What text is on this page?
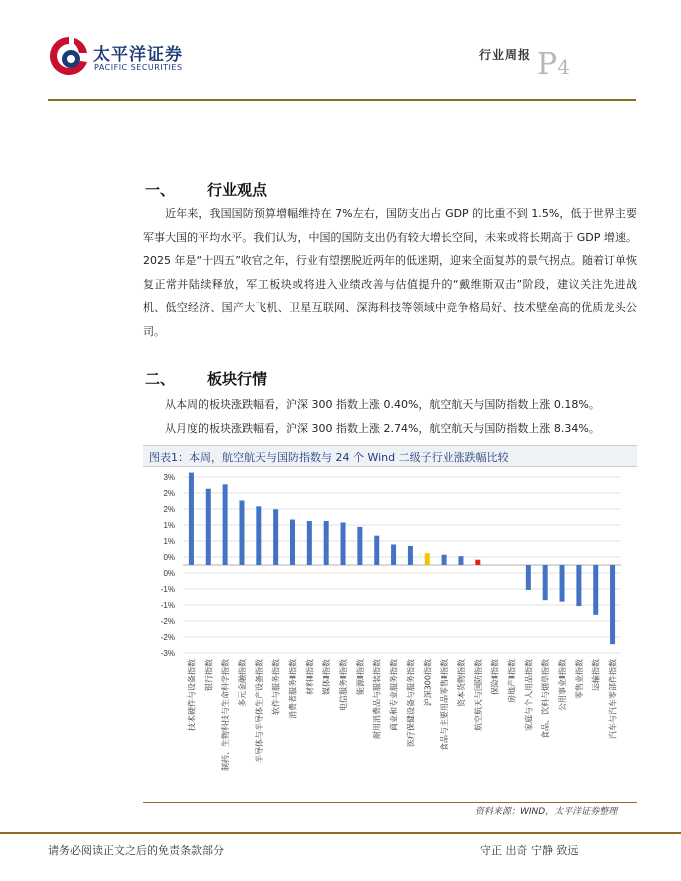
太平洋证券
PACIFIC SECURITIES
行业周报 P4
一、 行业观点
近年来，我国国防预算增幅维持在 7%左右，国防支出占 GDP 的比重不到 1.5%，低于世界主要军事大国的平均水平。我们认为，中国的国防支出仍有较大增长空间，未来或将长期高于 GDP 增速。2025 年是“十四五”收官之年，行业有望摆脱近两年的低迷期，迎来全面复苏的景气拐点。随着订单恢复正常并陆续释放，军工板块或将进入业绩改善与估值提升的“戴维斯双击”阶段，建议关注先进战机、低空经济、国产大飞机、卫星互联网、深海科技等领域中竞争格局好、技术壁垒高的优质龙头公司。
二、 板块行情
从本周的板块涨跌幅看，沪深 300 指数上涨 0.40%，航空航天与国防指数上涨 0.18%。
从月度的板块涨跌幅看，沪深 300 指数上涨 2.74%，航空航天与国防指数上涨 8.34%。
图表1：本周，航空航天与国防指数与 24 个 Wind 二级子行业涨跌幅比较
3%
2%
2%
1%
1%
0%
0%
-1%
-1%
-2%
-2%
-3%
技术硬件与设备指数 银行指数 制药、生物科技与生命科学指数 多元金融指数 半导体与半导体生产设备指数 软件与服务指数 消费者服务Ⅱ指数 材料Ⅱ指数 媒体Ⅱ指数 电信服务Ⅱ指数 能源Ⅱ指数 耐用消费品与服装指数 商业和专业服务指数 医疗保健设备与服务指数 沪深300指数 食品与主要用品零售Ⅱ指数 资本货物指数 航空航天与国防指数 保险Ⅱ指数 房地产Ⅱ指数 家庭与个人用品指数 食品、饮料与烟草指数 公用事业Ⅱ指数 零售业指数 运输指数 汽车与汽车零部件指数
资料来源：WIND，太平洋证券整理
请务必阅读正文之后的免责条款部分	守正 出奇 宁静 致远
